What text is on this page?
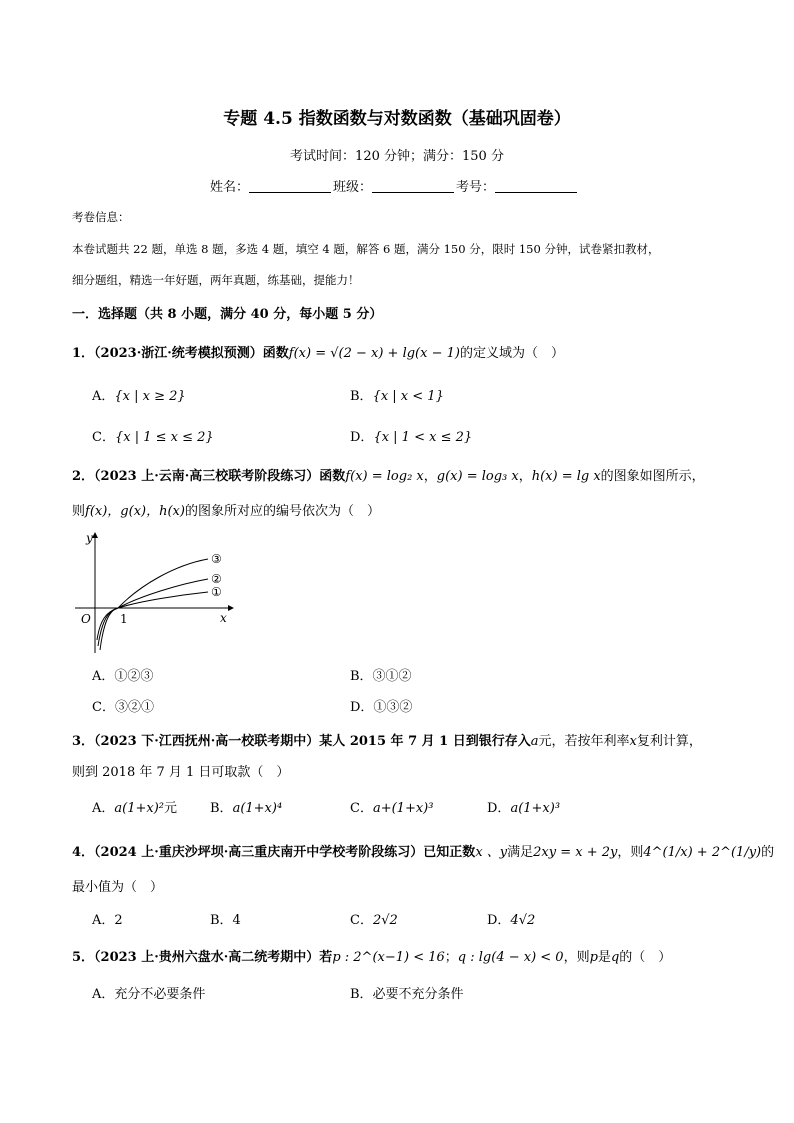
专题 4.5 指数函数与对数函数（基础巩固卷）
考试时间：120 分钟；满分：150 分
姓名：	班级：	考号：
考卷信息：
本卷试题共 22 题，单选 8 题，多选 4 题，填空 4 题，解答 6 题，满分 150 分，限时 150 分钟，试卷紧扣教材，
细分题组，精选一年好题，两年真题，练基础，提能力！
一．选择题（共 8 小题，满分 40 分，每小题 5 分）
1．（2023·浙江·统考模拟预测）函数f(x) = √(2 − x) + lg(x − 1)的定义域为（　）
A．{x | x ≥ 2}	B．{x | x < 1}
C．{x | 1 ≤ x ≤ 2}	D．{x | 1 < x ≤ 2}
2．（2023 上·云南·高三校联考阶段练习）函数f(x) = log₂ x，g(x) = log₃ x，h(x) = lg x的图象如图所示，
则f(x)，g(x)，h(x)的图象所对应的编号依次为（　）
y
x
O 1
①
②
③
A．①②③	B．③①②
C．③②①	D．①③②
3．（2023 下·江西抚州·高一校联考期中）某人 2015 年 7 月 1 日到银行存入a元，若按年利率x复利计算，
则到 2018 年 7 月 1 日可取款（　）
A．a(1+x)²元	B．a(1+x)⁴	C．a+(1+x)³	D．a(1+x)³
4．（2024 上·重庆沙坪坝·高三重庆南开中学校考阶段练习）已知正数x 、y满足2xy = x + 2y，则4^(1/x) + 2^(1/y)的
最小值为（　）
A．2	B．4	C．2√2	D．4√2
5．（2023 上·贵州六盘水·高二统考期中）若p : 2^(x−1) < 16；q : lg(4 − x) < 0，则p是q的（　）
A．充分不必要条件	B．必要不充分条件
